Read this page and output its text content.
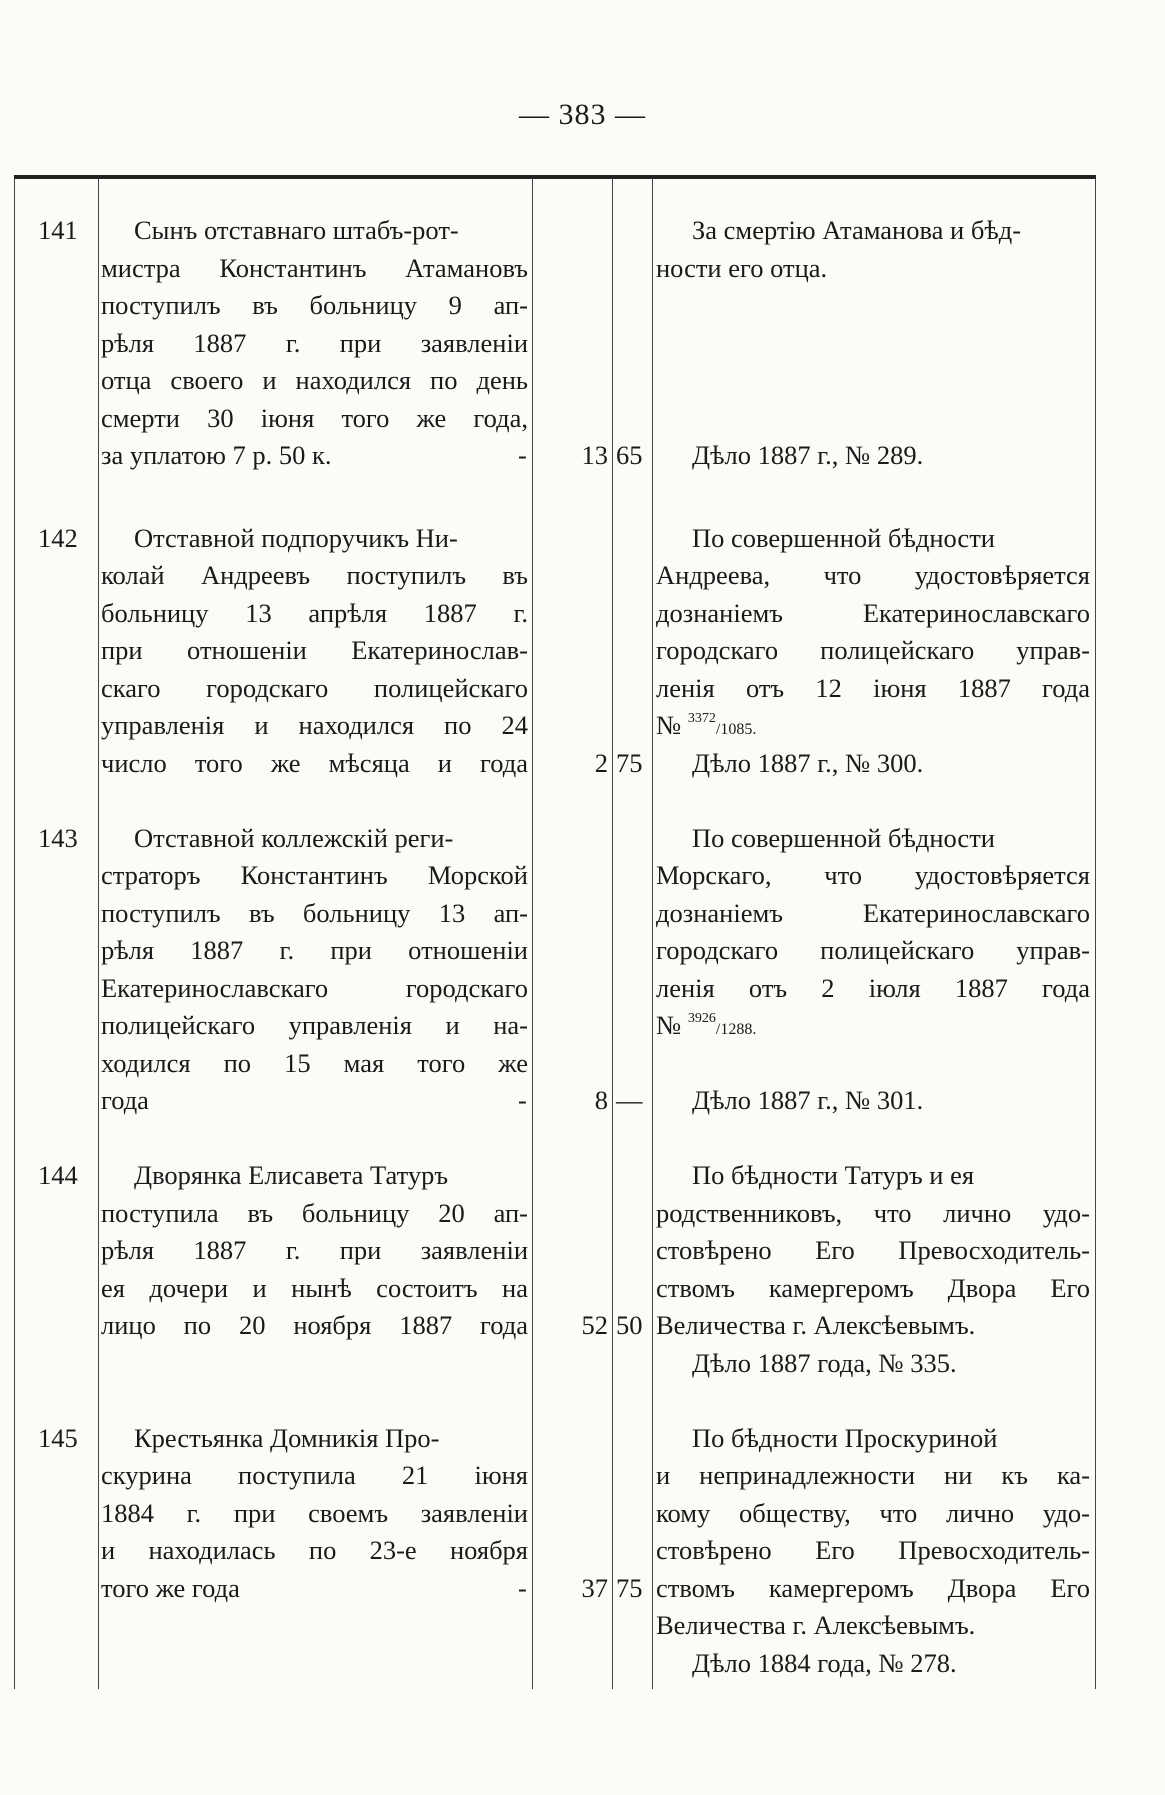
— 383 —
141 Сынъ отставнаго штабъ-рот-
мистра Константинъ Атамановъ
поступилъ въ больницу 9 ап-
рѣля 1887 г. при заявленіи
отца своего и находился по день
смерти 30 іюня того же года,
за уплатою 7 р. 50 к.	-	13 65
За смертію Атаманова и бѣд-
ности его отца.
Дѣло 1887 г., № 289.
142 Отставной подпоручикъ Ни-
колай Андреевъ поступилъ въ
больницу 13 апрѣля 1887 г.
при отношеніи Екатеринослав-
скаго городскаго полицейскаго
управленія и находился по 24
число того же мѣсяца и года	2 75
По совершенной бѣдности
Андреева, что удостовѣряется
дознаніемъ Екатеринославскаго
городскаго полицейскаго управ-
ленія отъ 12 іюня 1887 года
№ $^{3372}$/1085.
Дѣло 1887 г., № 300.
143 Отставной коллежскій реги-
страторъ Константинъ Морской
поступилъ въ больницу 13 ап-
рѣля 1887 г. при отношеніи
Екатеринославскаго городскаго
полицейскаго управленія и на-
ходился по 15 мая того же
года	-	8 —
По совершенной бѣдности
Морскаго, что удостовѣряется
дознаніемъ Екатеринославскаго
городскаго полицейскаго управ-
ленія отъ 2 іюля 1887 года
№ $^{3926}$/1288.
Дѣло 1887 г., № 301.
144 Дворянка Елисавета Татуръ
поступила въ больницу 20 ап-
рѣля 1887 г. при заявленіи
ея дочери и нынѣ состоитъ на
лицо по 20 ноября 1887 года	52 50
По бѣдности Татуръ и ея
родственниковъ, что лично удо-
стовѣрено Его Превосходитель-
ствомъ камергеромъ Двора Его
Величества г. Алексѣевымъ.
Дѣло 1887 года, № 335.
145 Крестьянка Домникія Про-
скурина поступила 21 іюня
1884 г. при своемъ заявленіи
и находилась по 23-е ноября
того же года	-	37 75
По бѣдности Проскуриной
и непринадлежности ни къ ка-
кому обществу, что лично удо-
стовѣрено Его Превосходитель-
ствомъ камергеромъ Двора Его
Величества г. Алексѣевымъ.
Дѣло 1884 года, № 278.
